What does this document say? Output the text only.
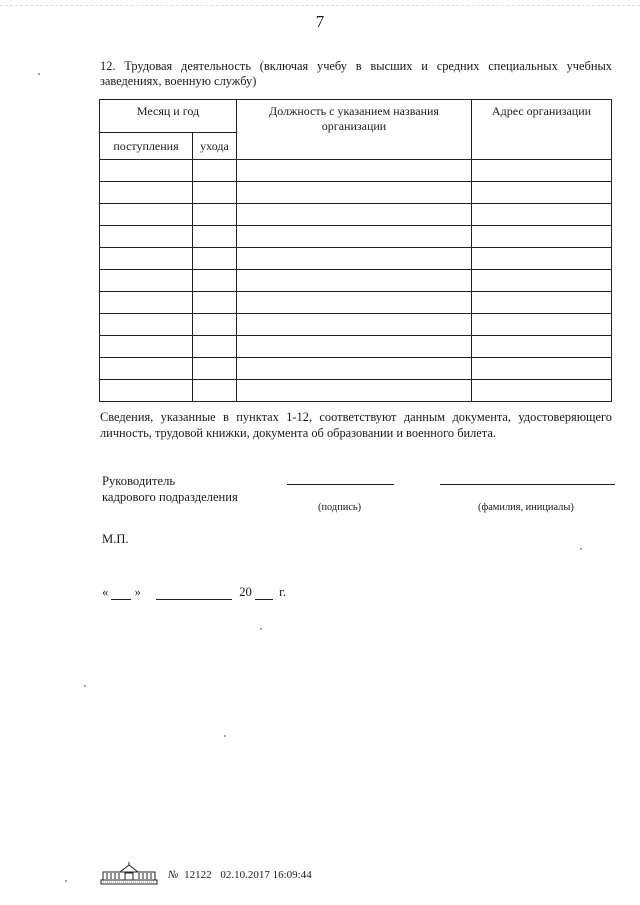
7
12. Трудовая деятельность (включая учебу в высших и средних специальных учебных заведениях, военную службу)
Месяц и год		Должность с указанием названия организации	Адрес организации
поступления	ухода		

Сведения, указанные в пунктах 1-12, соответствуют данным документа, удостоверяющего личность, трудовой книжки, документа об образовании и военного билета.
Руководитель
кадрового подразделения
(подпись)	(фамилия, инициалы)
М.П.
« »	20 г.
№ 12122 02.10.2017 16:09:44
